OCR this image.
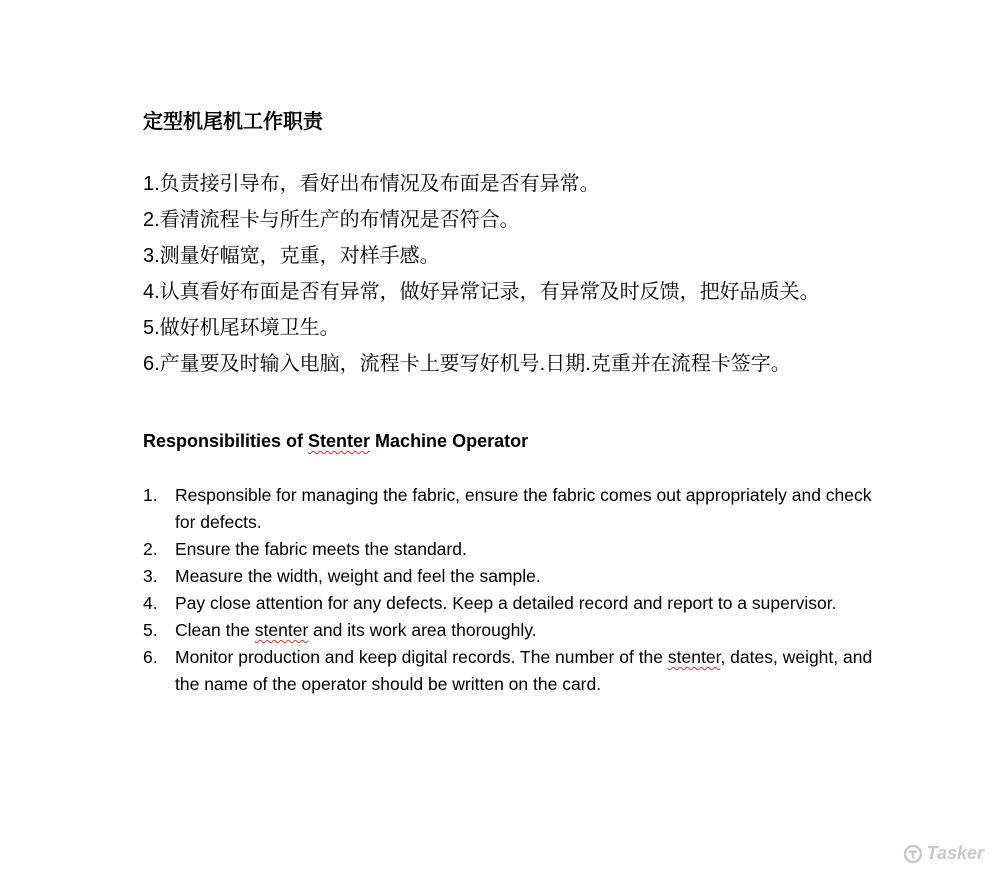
定型机尾机工作职责
1.负责接引导布，看好出布情况及布面是否有异常。
2.看清流程卡与所生产的布情况是否符合。
3.测量好幅宽，克重，对样手感。
4.认真看好布面是否有异常，做好异常记录，有异常及时反馈，把好品质关。
5.做好机尾环境卫生。
6.产量要及时输入电脑，流程卡上要写好机号.日期.克重并在流程卡签字。
Responsibilities of Stenter Machine Operator
1. Responsible for managing the fabric, ensure the fabric comes out appropriately and check for defects.
2. Ensure the fabric meets the standard.
3. Measure the width, weight and feel the sample.
4. Pay close attention for any defects. Keep a detailed record and report to a supervisor.
5. Clean the stenter and its work area thoroughly.
6. Monitor production and keep digital records. The number of the stenter, dates, weight, and the name of the operator should be written on the card.
Tasker
